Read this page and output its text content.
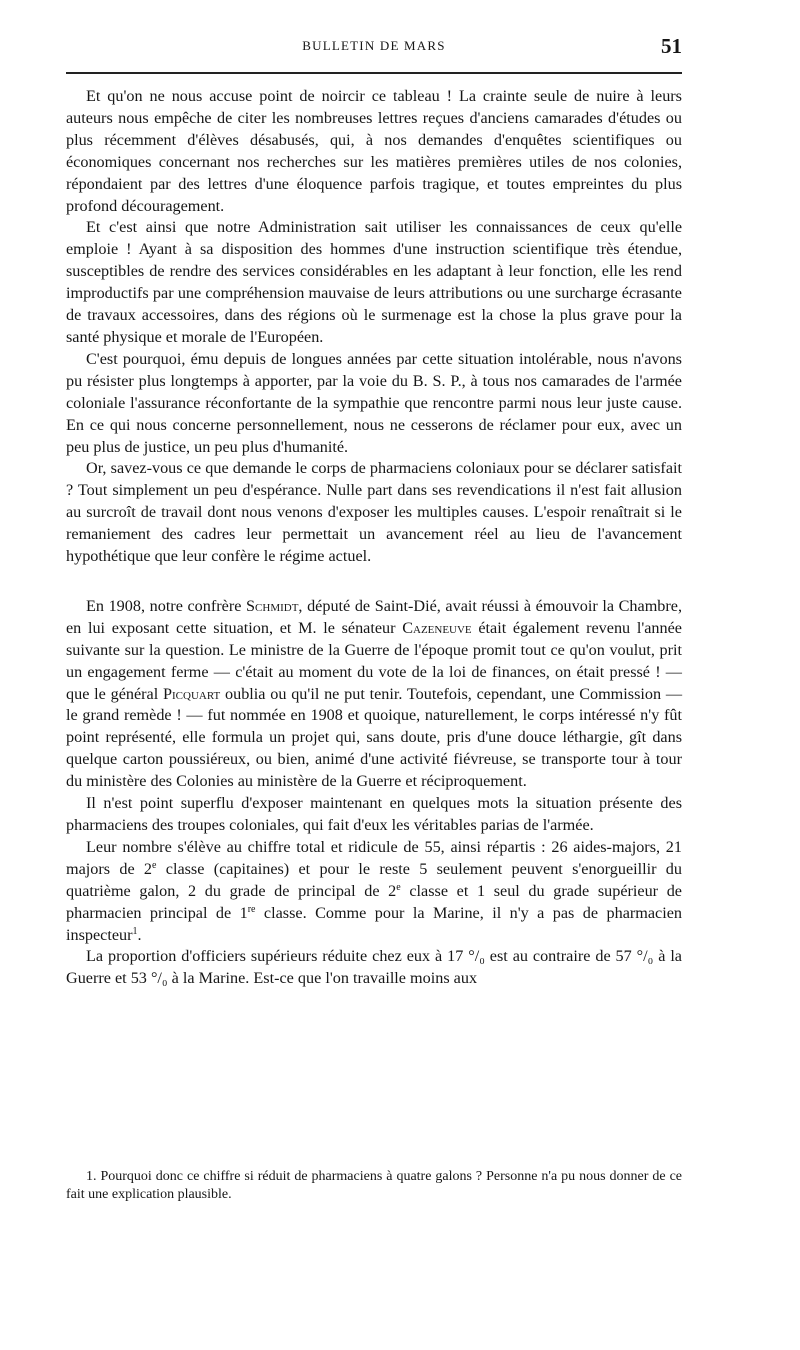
BULLETIN DE MARS	51

Et qu'on ne nous accuse point de noircir ce tableau ! La crainte seule de nuire à leurs auteurs nous empêche de citer les nombreuses lettres reçues d'anciens camarades d'études ou plus récemment d'élèves désabusés, qui, à nos demandes d'enquêtes scientifiques ou économiques concernant nos recherches sur les matières premières utiles de nos colonies, répondaient par des lettres d'une éloquence parfois tragique, et toutes empreintes du plus profond découragement.

Et c'est ainsi que notre Administration sait utiliser les connaissances de ceux qu'elle emploie ! Ayant à sa disposition des hommes d'une instruction scientifique très étendue, susceptibles de rendre des services considérables en les adaptant à leur fonction, elle les rend improductifs par une compréhension mauvaise de leurs attributions ou une surcharge écrasante de travaux accessoires, dans des régions où le surmenage est la chose la plus grave pour la santé physique et morale de l'Européen.

C'est pourquoi, ému depuis de longues années par cette situation intolérable, nous n'avons pu résister plus longtemps à apporter, par la voie du B. S. P., à tous nos camarades de l'armée coloniale l'assurance réconfortante de la sympathie que rencontre parmi nous leur juste cause. En ce qui nous concerne personnellement, nous ne cesserons de réclamer pour eux, avec un peu plus de justice, un peu plus d'humanité.

Or, savez-vous ce que demande le corps de pharmaciens coloniaux pour se déclarer satisfait ? Tout simplement un peu d'espérance. Nulle part dans ses revendications il n'est fait allusion au surcroît de travail dont nous venons d'exposer les multiples causes. L'espoir renaîtrait si le remaniement des cadres leur permettait un avancement réel au lieu de l'avancement hypothétique que leur confère le régime actuel.

En 1908, notre confrère Schmidt, député de Saint-Dié, avait réussi à émouvoir la Chambre, en lui exposant cette situation, et M. le sénateur Cazeneuve était également revenu l'année suivante sur la question. Le ministre de la Guerre de l'époque promit tout ce qu'on voulut, prit un engagement ferme — c'était au moment du vote de la loi de finances, on était pressé ! — que le général Picquart oublia ou qu'il ne put tenir. Toutefois, cependant, une Commission — le grand remède ! — fut nommée en 1908 et quoique, naturellement, le corps intéressé n'y fût point représenté, elle formula un projet qui, sans doute, pris d'une douce léthargie, gît dans quelque carton poussiéreux, ou bien, animé d'une activité fiévreuse, se transporte tour à tour du ministère des Colonies au ministère de la Guerre et réciproquement.

Il n'est point superflu d'exposer maintenant en quelques mots la situation présente des pharmaciens des troupes coloniales, qui fait d'eux les véritables parias de l'armée.

Leur nombre s'élève au chiffre total et ridicule de 55, ainsi répartis : 26 aides-majors, 21 majors de 2e classe (capitaines) et pour le reste 5 seulement peuvent s'enorgueillir du quatrième galon, 2 du grade de principal de 2e classe et 1 seul du grade supérieur de pharmacien principal de 1re classe. Comme pour la Marine, il n'y a pas de pharmacien inspecteur$^1$.

La proportion d'officiers supérieurs réduite chez eux à 17 °/₀ est au contraire de 57 °/₀ à la Guerre et 53 °/₀ à la Marine. Est-ce que l'on travaille moins aux

1. Pourquoi donc ce chiffre si réduit de pharmaciens à quatre galons ? Personne n'a pu nous donner de ce fait une explication plausible.
